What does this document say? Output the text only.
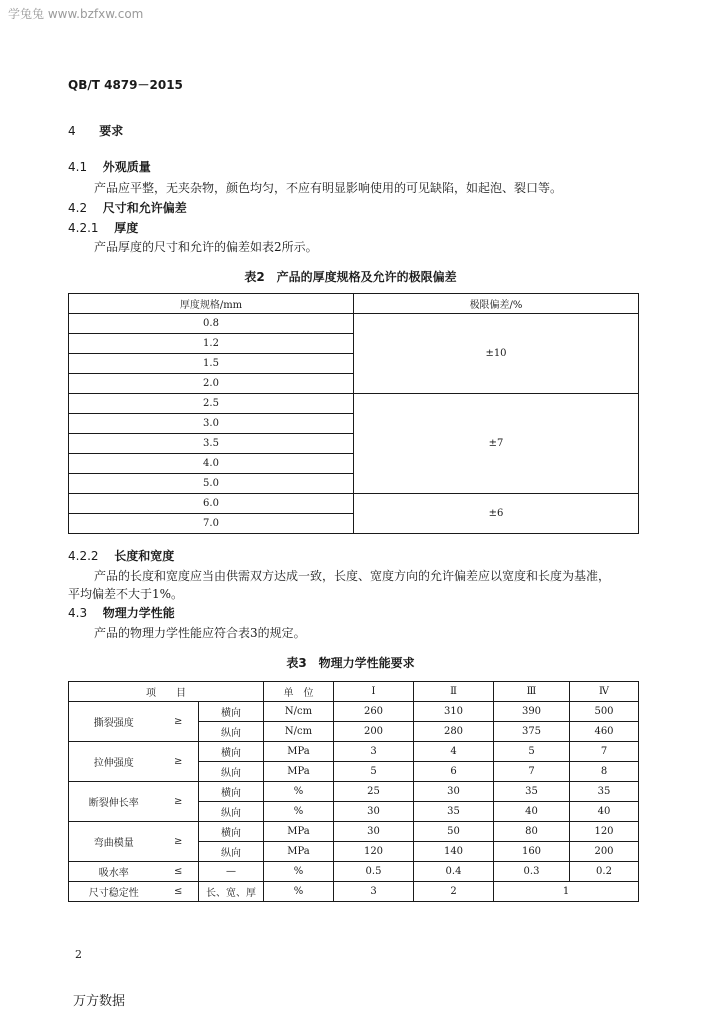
学兔兔 www.bzfxw.com
QB/T 4879－2015
4 要求
4.1 外观质量
产品应平整，无夹杂物，颜色均匀，不应有明显影响使用的可见缺陷，如起泡、裂口等。
4.2 尺寸和允许偏差
4.2.1 厚度
产品厚度的尺寸和允许的偏差如表2所示。
表2　产品的厚度规格及允许的极限偏差
厚度规格/mm	极限偏差/%
0.8	±10
1.2	
1.5	
2.0	
2.5	±7
3.0	
3.5	
4.0	
5.0	
6.0	±6
7.0	
4.2.2 长度和宽度
产品的长度和宽度应当由供需双方达成一致，长度、宽度方向的允许偏差应以宽度和长度为基准，
平均偏差不大于1%。
4.3 物理力学性能
产品的物理力学性能应符合表3的规定。
表3　物理力学性能要求
项　　目			单　位	Ⅰ	Ⅱ	Ⅲ	Ⅳ
撕裂强度	≥	横向	N/cm	260	310	390	500
		纵向	N/cm	200	280	375	460
拉伸强度	≥	横向	MPa	3	4	5	7
		纵向	MPa	5	6	7	8
断裂伸长率	≥	横向	%	25	30	35	35
		纵向	%	30	35	40	40
弯曲模量	≥	横向	MPa	30	50	80	120
		纵向	MPa	120	140	160	200
吸水率	≤	—	%	0.5	0.4	0.3	0.2
尺寸稳定性	≤	长、宽、厚	%	3	2	1	
2
万方数据
